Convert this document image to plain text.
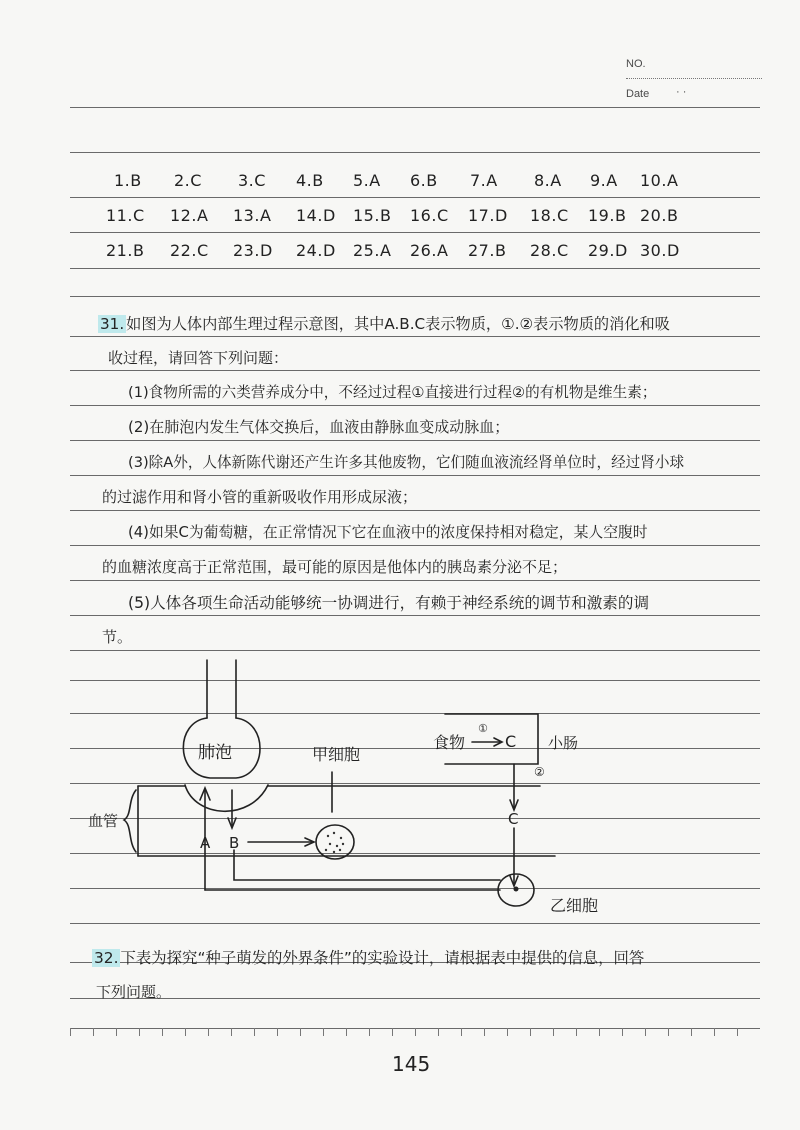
NO.
Date · ·
1.B 2.C 3.C 4.B 5.A 6.B 7.A 8.A 9.A 10.A
11.C 12.A 13.A 14.D 15.B 16.C 17.D 18.C 19.B 20.B
21.B 22.C 23.D 24.D 25.A 26.A 27.B 28.C 29.D 30.D
31. 如图为人体内部生理过程示意图，其中A.B.C表示物质，①.②表示物质的消化和吸
收过程，请回答下列问题：
(1)食物所需的六类营养成分中，不经过过程①直接进行过程②的有机物是维生素；
(2)在肺泡内发生气体交换后，血液由静脉血变成动脉血；
(3)除A外，人体新陈代谢还产生许多其他废物，它们随血液流经肾单位时，经过肾小球
的过滤作用和肾小管的重新吸收作用形成尿液；
(4)如果C为葡萄糖，在正常情况下它在血液中的浓度保持相对稳定，某人空腹时
的血糖浓度高于正常范围，最可能的原因是他体内的胰岛素分泌不足；
(5)人体各项生命活动能够统一协调进行，有赖于神经系统的调节和激素的调
节。
肺泡	甲细胞
食物
①
C 小肠
②
C
血管
A B
乙细胞
32. 下表为探究“种子萌发的外界条件”的实验设计，请根据表中提供的信息，回答
下列问题。
145
